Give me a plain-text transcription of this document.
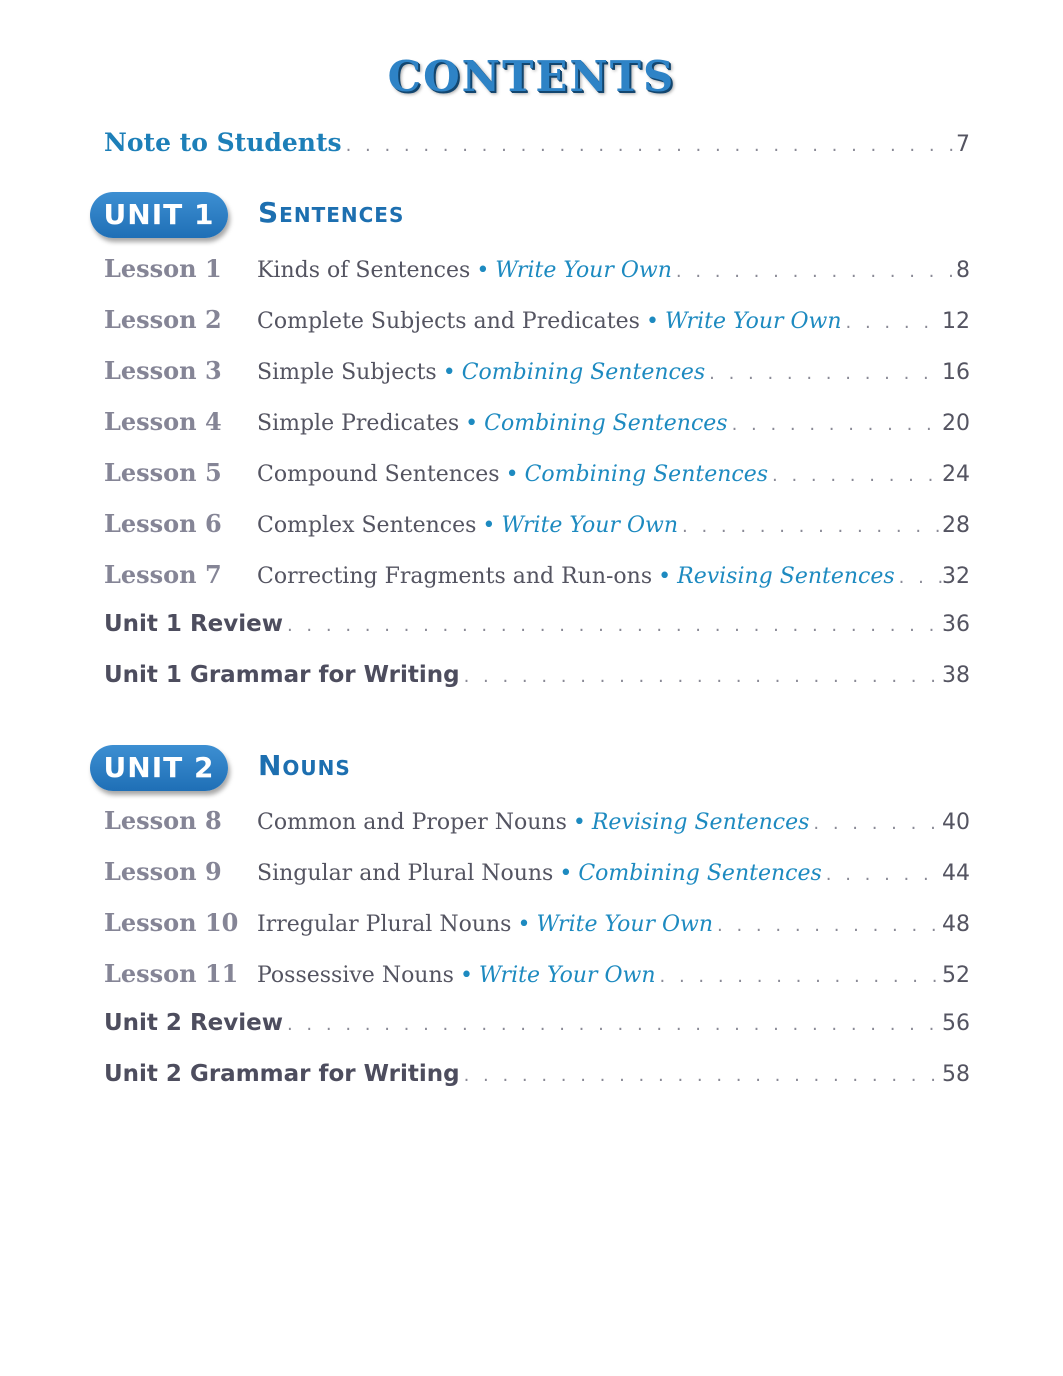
CONTENTS
Note to Students . . .	7
UNIT 1	Sentences
Lesson 1	Kinds of Sentences • Write Your Own . . .	8
Lesson 2	Complete Subjects and Predicates • Write Your Own . . .	12
Lesson 3	Simple Subjects • Combining Sentences . . .	16
Lesson 4	Simple Predicates • Combining Sentences . . .	20
Lesson 5	Compound Sentences • Combining Sentences . . .	24
Lesson 6	Complex Sentences • Write Your Own . . .	28
Lesson 7	Correcting Fragments and Run-ons • Revising Sentences . . . 32
Unit 1 Review . . .	36
Unit 1 Grammar for Writing . . .	38
UNIT 2	Nouns
Lesson 8	Common and Proper Nouns • Revising Sentences . . .	40
Lesson 9	Singular and Plural Nouns • Combining Sentences . . .	44
Lesson 10 Irregular Plural Nouns • Write Your Own . . .	48
Lesson 11 Possessive Nouns • Write Your Own . . .	52
Unit 2 Review . . .	56
Unit 2 Grammar for Writing . . .	58
